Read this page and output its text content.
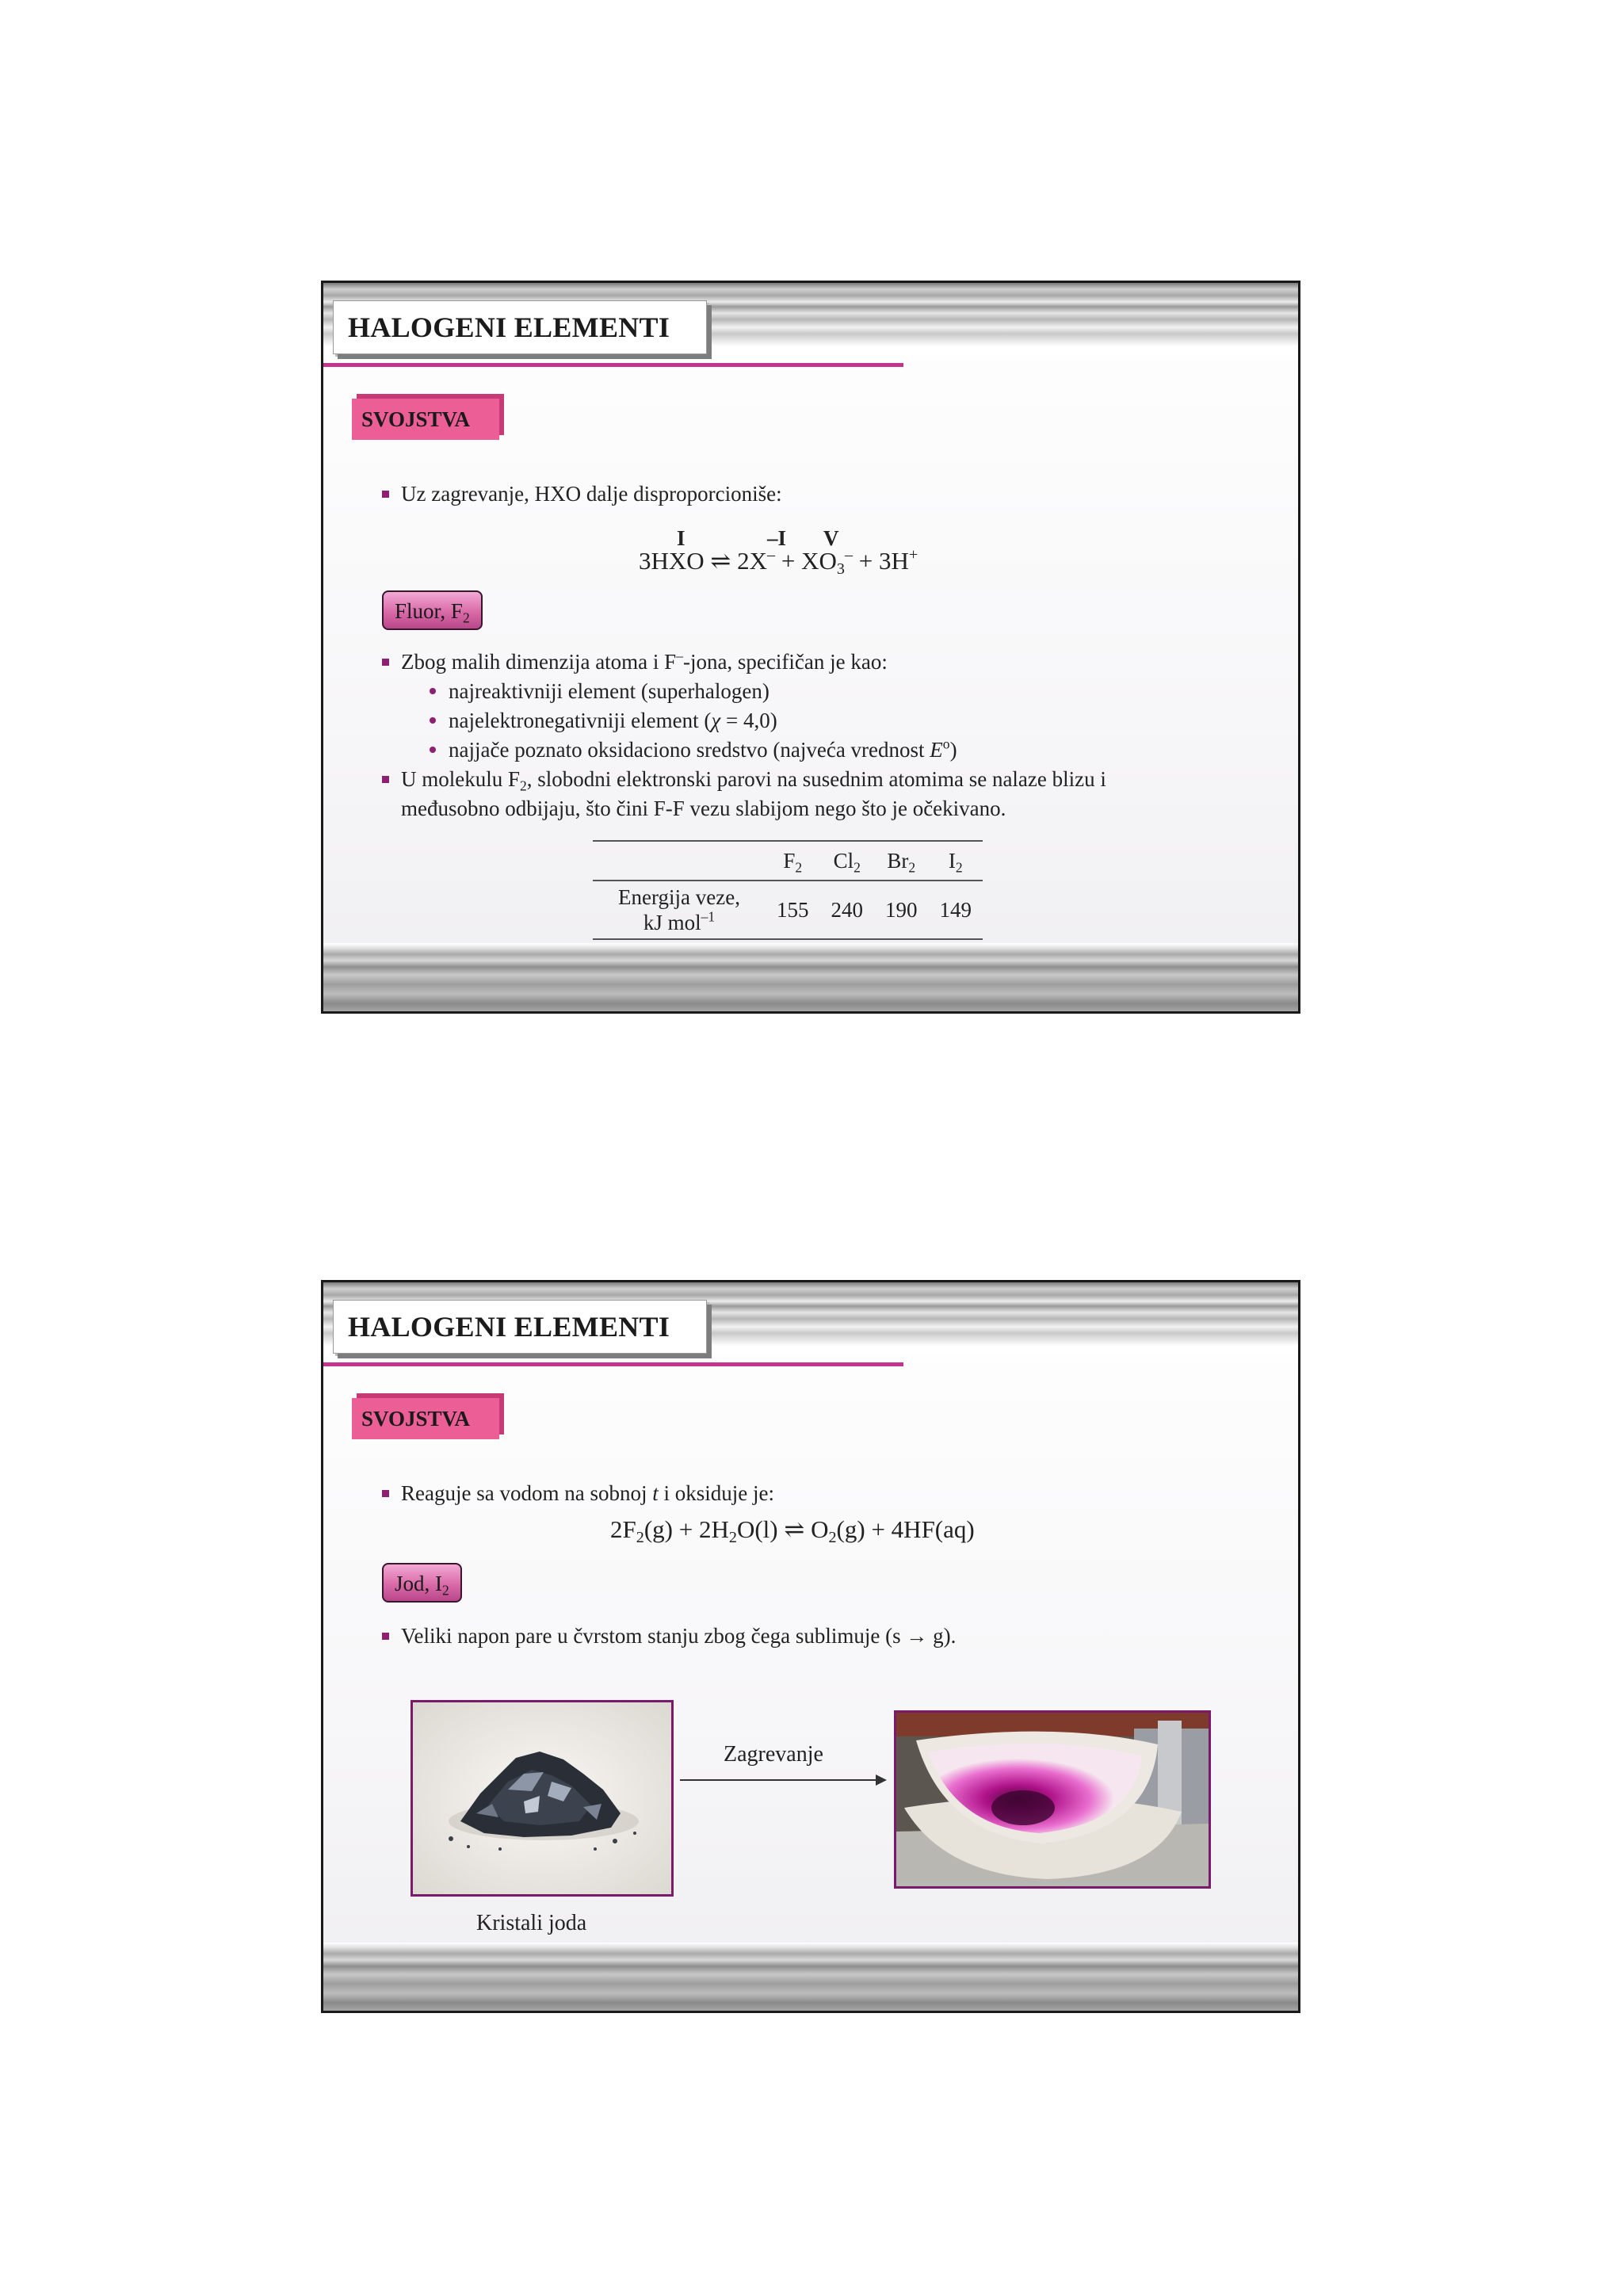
HALOGENI ELEMENTI
SVOJSTVA
Uz zagrevanje, HXO dalje disproporcioniše:
I	–I V
3HXO ⇌ $2X^- + XO_3^- + 3H^+$
Fluor, $F_2$
Zbog malih dimenzija atoma i F–-jona, specifičan je kao:
najreaktivniji element (superhalogen)
najelektronegativniji element (χ = 4,0)
najjače poznato oksidaciono sredstvo (najveća vrednost $E^o$)
U molekulu $F_2$, slobodni elektronski parovi na susednim atomima se nalaze blizu i
međusobno odbijaju, što čini F-F vezu slabijom nego što je očekivano.
	$F_2$	$Cl_2$	$Br_2$	$I_2$
Energija veze,
kJ mol$^{-1}$	155	240	190	149
HALOGENI ELEMENTI
SVOJSTVA
Reaguje sa vodom na sobnoj t i oksiduje je:
$2F_2(g) + 2H_2O(l)$ ⇌ $O_2(g) + 4HF(aq)$
Jod, $I_2$
Veliki napon pare u čvrstom stanju zbog čega sublimuje (s → g).
Kristali joda
Zagrevanje
